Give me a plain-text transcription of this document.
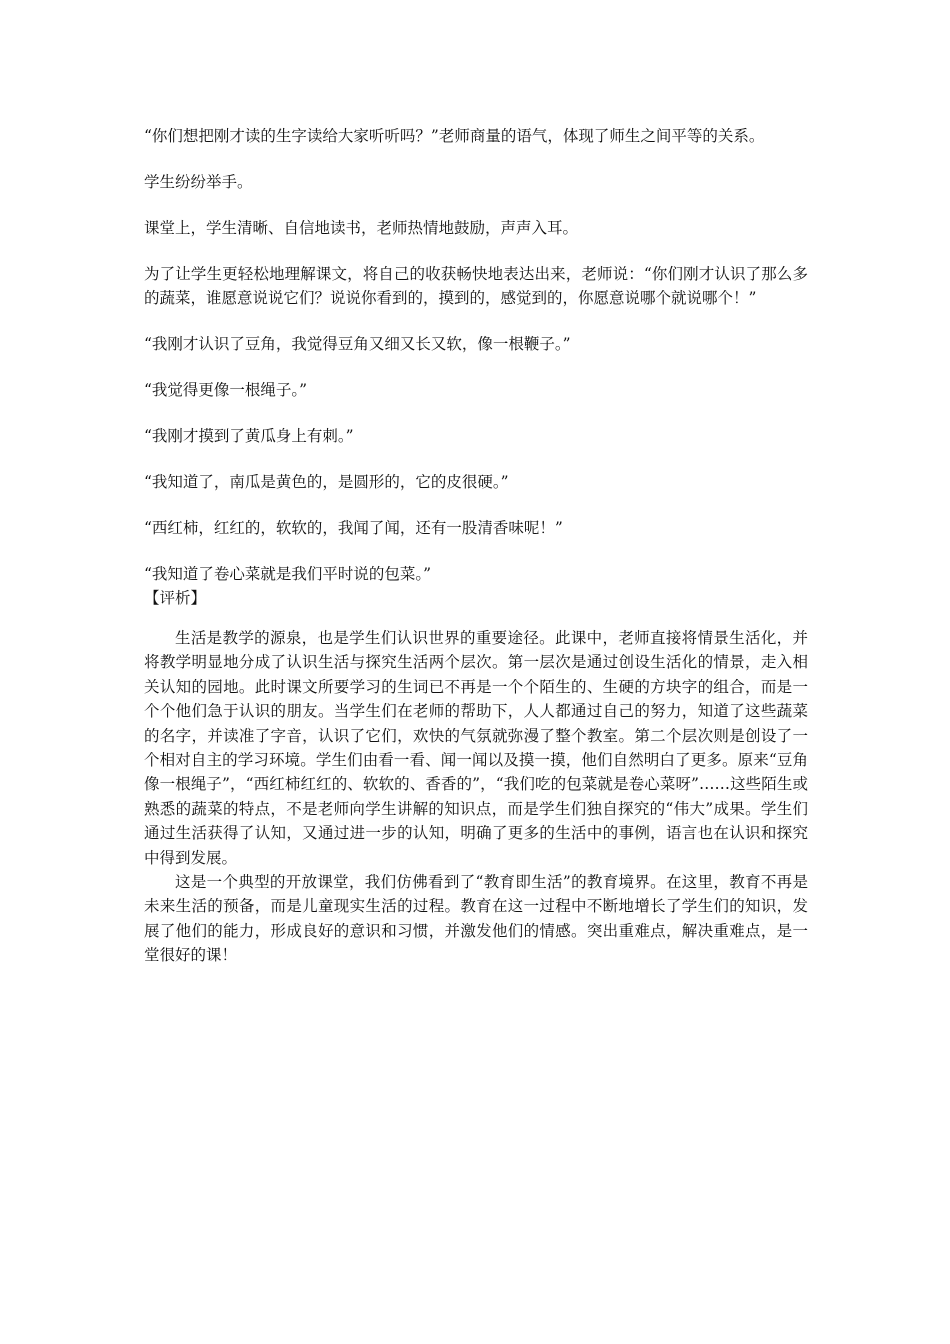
“你们想把刚才读的生字读给大家听听吗？”老师商量的语气，体现了师生之间平等的关系。

学生纷纷举手。

课堂上，学生清晰、自信地读书，老师热情地鼓励，声声入耳。

为了让学生更轻松地理解课文，将自己的收获畅快地表达出来，老师说：“你们刚才认识了那么多的蔬菜，谁愿意说说它们？说说你看到的，摸到的，感觉到的，你愿意说哪个就说哪个！”

“我刚才认识了豆角，我觉得豆角又细又长又软，像一根鞭子。”

“我觉得更像一根绳子。”

“我刚才摸到了黄瓜身上有刺。”

“我知道了，南瓜是黄色的，是圆形的，它的皮很硬。”

“西红柿，红红的，软软的，我闻了闻，还有一股清香味呢！”

“我知道了卷心菜就是我们平时说的包菜。”

【评析】

生活是教学的源泉，也是学生们认识世界的重要途径。此课中，老师直接将情景生活化，并将教学明显地分成了认识生活与探究生活两个层次。第一层次是通过创设生活化的情景，走入相关认知的园地。此时课文所要学习的生词已不再是一个个陌生的、生硬的方块字的组合，而是一个个他们急于认识的朋友。当学生们在老师的帮助下，人人都通过自己的努力，知道了这些蔬菜的名字，并读准了字音，认识了它们，欢快的气氛就弥漫了整个教室。第二个层次则是创设了一个相对自主的学习环境。学生们由看一看、闻一闻以及摸一摸，他们自然明白了更多。原来“豆角像一根绳子”，“西红柿红红的、软软的、香香的”，“我们吃的包菜就是卷心菜呀”……这些陌生或熟悉的蔬菜的特点，不是老师向学生讲解的知识点，而是学生们独自探究的“伟大”成果。学生们通过生活获得了认知，又通过进一步的认知，明确了更多的生活中的事例，语言也在认识和探究中得到发展。

这是一个典型的开放课堂，我们仿佛看到了“教育即生活”的教育境界。在这里，教育不再是未来生活的预备，而是儿童现实生活的过程。教育在这一过程中不断地增长了学生们的知识，发展了他们的能力，形成良好的意识和习惯，并激发他们的情感。突出重难点，解决重难点，是一堂很好的课！
